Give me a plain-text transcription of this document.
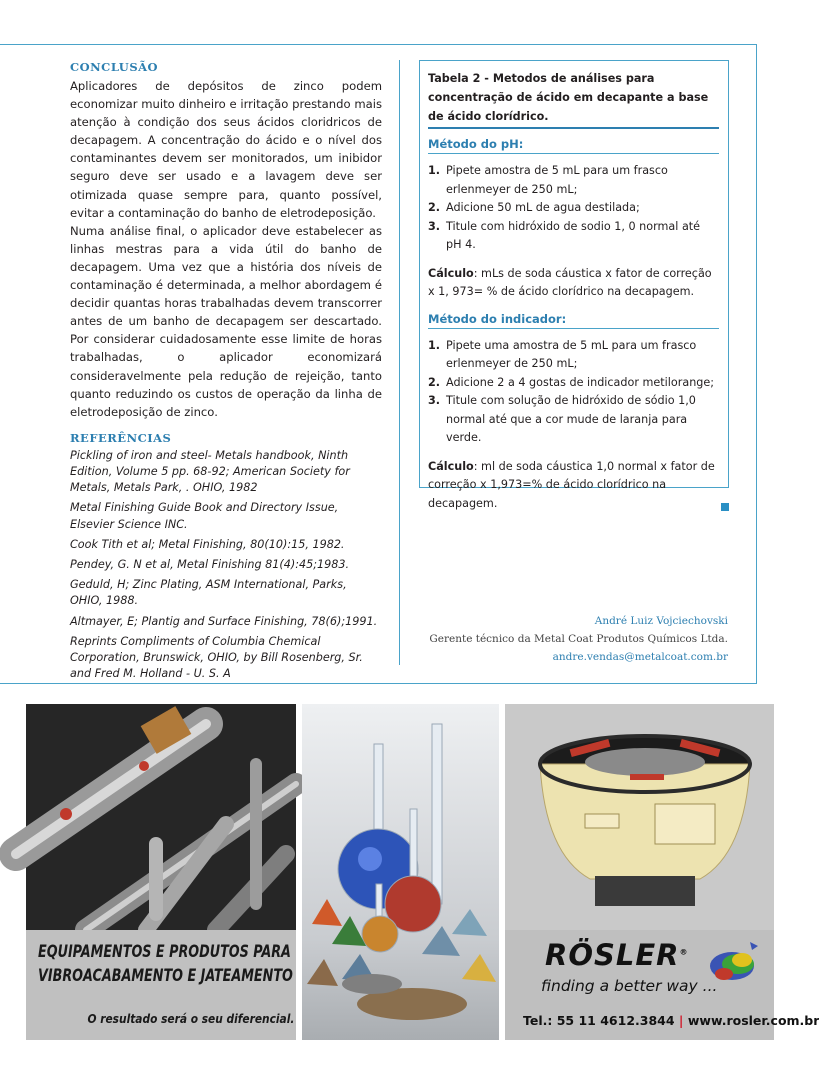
CONCLUSÃO

Aplicadores de depósitos de zinco podem economizar muito dinheiro e irritação prestando mais atenção à condição dos seus ácidos cloridricos de decapagem. A concentração do ácido e o nível dos contaminantes devem ser monitorados, um inibidor seguro deve ser usado e a lavagem deve ser otimizada quase sempre para, quanto possível, evitar a contaminação do banho de eletrodeposição.

Numa análise final, o aplicador deve estabelecer as linhas mestras para a vida útil do banho de decapagem. Uma vez que a história dos níveis de contaminação é determinada, a melhor abordagem é decidir quantas horas trabalhadas devem transcorrer antes de um banho de decapagem ser descartado. Por considerar cuidadosamente esse limite de horas trabalhadas, o aplicador economizará consideravelmente pela redução de rejeição, tanto quanto reduzindo os custos de operação da linha de eletrodeposição de zinco.

REFERÊNCIAS

Pickling of iron and steel- Metals handbook, Ninth Edition, Volume 5 pp. 68-92; American Society for Metals, Metals Park, . OHIO, 1982

Metal Finishing Guide Book and Directory Issue, Elsevier Science INC.

Cook Tith et al; Metal Finishing, 80(10):15, 1982.

Pendey, G. N et al, Metal Finishing 81(4):45;1983.

Geduld, H; Zinc Plating, ASM International, Parks, OHIO, 1988.

Altmayer, E; Plantig and Surface Finishing, 78(6);1991.

Reprints Compliments of Columbia Chemical Corporation, Brunswick, OHIO, by Bill Rosenberg, Sr. and Fred M. Holland - U. S. A

Tabela 2 - Metodos de análises para concentração de ácido em decapante a base de ácido clorídrico.
Método do pH:
1. Pipete amostra de 5 mL para um frasco erlenmeyer de 250 mL;
2. Adicione 50 mL de agua destilada;
3. Titule com hidróxido de sodio 1, 0 normal até pH 4.

Cálculo: mLs de soda cáustica x fator de correção x 1, 973= % de ácido clorídrico na decapagem.

Método do indicador:
1. Pipete uma amostra de 5 mL para um frasco erlenmeyer de 250 mL;
2. Adicione 2 a 4 gostas de indicador metilorange;
3. Titule com solução de hidróxido de sódio 1,0 normal até que a cor mude de laranja para verde.

Cálculo: ml de soda cáustica 1,0 normal x fator de correção x 1,973=% de ácido clorídrico na decapagem.

André Luiz Vojciechovski
Gerente técnico da Metal Coat Produtos Químicos Ltda.
andre.vendas@metalcoat.com.br
EQUIPAMENTOS E PRODUTOS PARA
VIBROACABAMENTO E JATEAMENTO
RÖSLER®
finding a better way ...
Tel.: 55 11 4612.3844 | www.rosler.com.br
O resultado será o seu diferencial.
